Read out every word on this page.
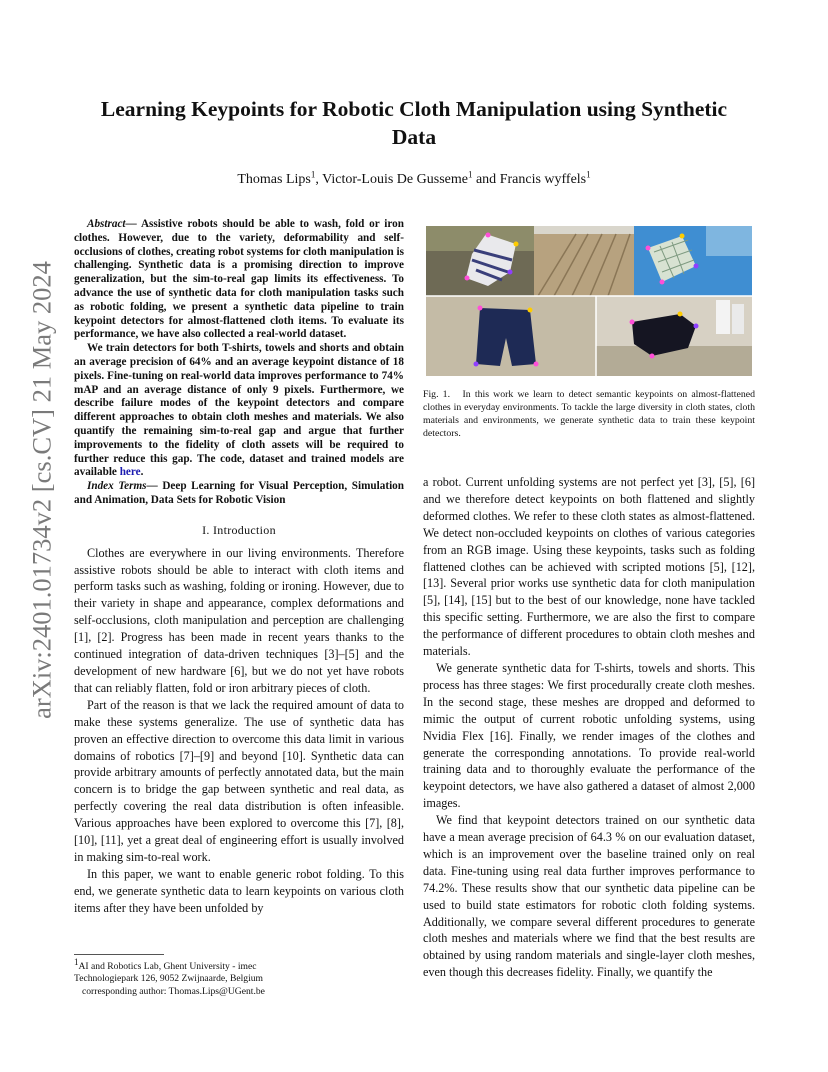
arXiv:2401.01734v2 [cs.CV] 21 May 2024
Learning Keypoints for Robotic Cloth Manipulation using Synthetic Data
Thomas Lips$^1$, Victor-Louis De Gusseme$^1$ and Francis wyffels$^1$

Abstract— Assistive robots should be able to wash, fold or iron clothes. However, due to the variety, deformability and self-occlusions of clothes, creating robot systems for cloth manipulation is challenging. Synthetic data is a promising direction to improve generalization, but the sim-to-real gap limits its effectiveness. To advance the use of synthetic data for cloth manipulation tasks such as robotic folding, we present a synthetic data pipeline to train keypoint detectors for almost-flattened cloth items. To evaluate its performance, we have also collected a real-world dataset.

We train detectors for both T-shirts, towels and shorts and obtain an average precision of 64% and an average keypoint distance of 18 pixels. Fine-tuning on real-world data improves performance to 74% mAP and an average distance of only 9 pixels. Furthermore, we describe failure modes of the keypoint detectors and compare different approaches to obtain cloth meshes and materials. We also quantify the remaining sim-to-real gap and argue that further improvements to the fidelity of cloth assets will be required to further reduce this gap. The code, dataset and trained models are available here.

Index Terms— Deep Learning for Visual Perception, Simulation and Animation, Data Sets for Robotic Vision

I. Introduction

Clothes are everywhere in our living environments. Therefore assistive robots should be able to interact with cloth items and perform tasks such as washing, folding or ironing. However, due to their variety in shape and appearance, complex deformations and self-occlusions, cloth manipulation and perception are challenging [1], [2]. Progress has been made in recent years thanks to the continued integration of data-driven techniques [3]–[5] and the development of new hardware [6], but we do not yet have robots that can reliably flatten, fold or iron arbitrary pieces of cloth.

Part of the reason is that we lack the required amount of data to make these systems generalize. The use of synthetic data has proven an effective direction to overcome this data limit in various domains of robotics [7]–[9] and beyond [10]. Synthetic data can provide arbitrary amounts of perfectly annotated data, but the main concern is to bridge the gap between synthetic and real data, as perfectly covering the real data distribution is often infeasible. Various approaches have been explored to overcome this [7], [8], [10], [11], yet a great deal of engineering effort is usually involved in making sim-to-real work.

In this paper, we want to enable generic robot folding. To this end, we generate synthetic data to learn keypoints on various cloth items after they have been unfolded by

$^1$AI and Robotics Lab, Ghent University - imec
Technologiepark 126, 9052 Zwijnaarde, Belgium
corresponding author: Thomas.Lips@UGent.be
Fig. 1. In this work we learn to detect semantic keypoints on almost-flattened clothes in everyday environments. To tackle the large diversity in cloth states, cloth materials and environments, we generate synthetic data to train these keypoint detectors.

a robot. Current unfolding systems are not perfect yet [3], [5], [6] and we therefore detect keypoints on both flattened and slightly deformed clothes. We refer to these cloth states as almost-flattened. We detect non-occluded keypoints on clothes of various categories from an RGB image. Using these keypoints, tasks such as folding flattened clothes can be achieved with scripted motions [5], [12], [13]. Several prior works use synthetic data for cloth manipulation [5], [14], [15] but to the best of our knowledge, none have tackled this specific setting. Furthermore, we are also the first to compare the performance of different procedures to obtain cloth meshes and materials.

We generate synthetic data for T-shirts, towels and shorts. This process has three stages: We first procedurally create cloth meshes. In the second stage, these meshes are dropped and deformed to mimic the output of current robotic unfolding systems, using Nvidia Flex [16]. Finally, we render images of the clothes and generate the corresponding annotations. To provide real-world training data and to thoroughly evaluate the performance of the keypoint detectors, we have also gathered a dataset of almost 2,000 images.

We find that keypoint detectors trained on our synthetic data have a mean average precision of 64.3 % on our evaluation dataset, which is an improvement over the baseline trained only on real data. Fine-tuning using real data further improves performance to 74.2%. These results show that our synthetic data pipeline can be used to build state estimators for robotic cloth folding systems. Additionally, we compare several different procedures to generate cloth meshes and materials where we find that the best results are obtained by using random materials and single-layer cloth meshes, even though this decreases fidelity. Finally, we quantify the
